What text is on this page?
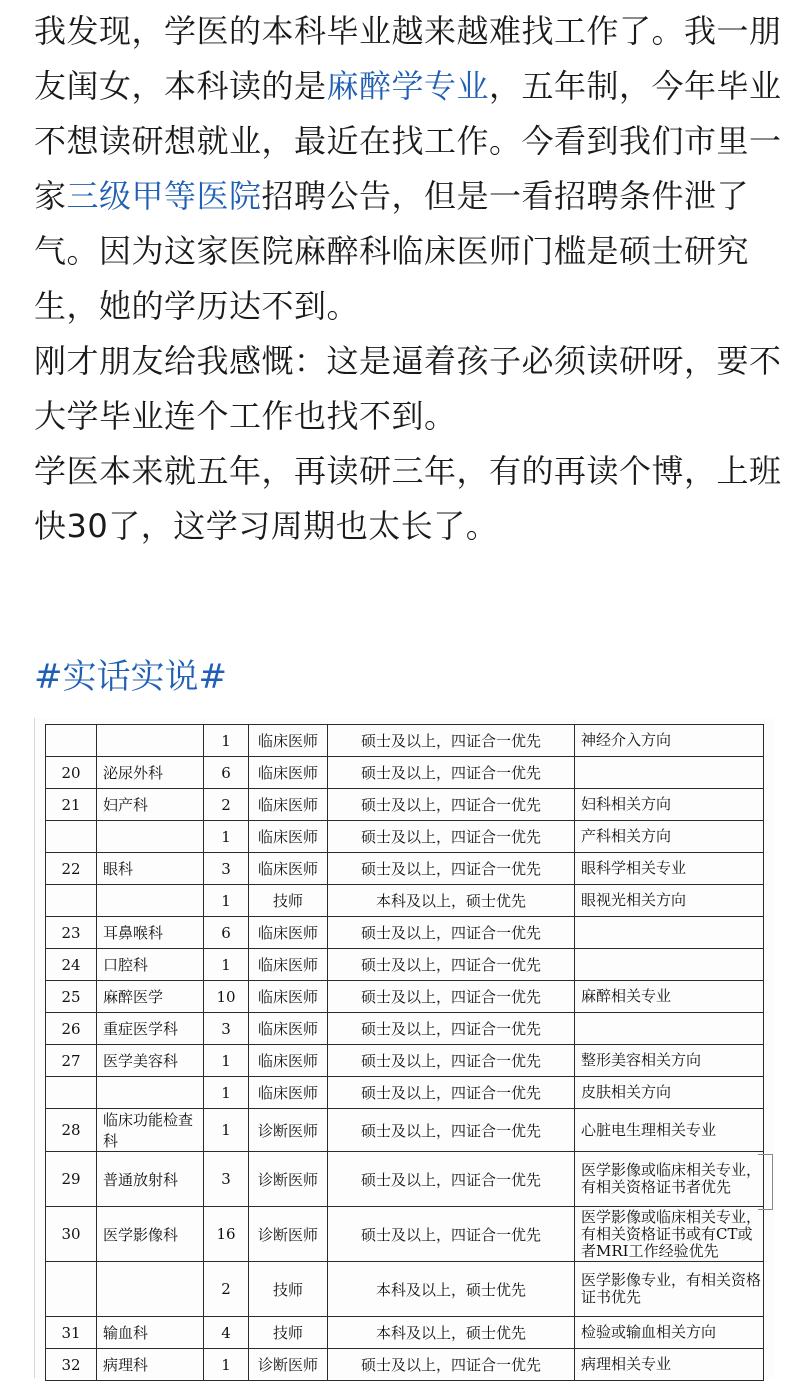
我发现，学医的本科毕业越来越难找工作了。我一朋友闺女，本科读的是麻醉学专业，五年制，今年毕业不想读研想就业，最近在找工作。今看到我们市里一家三级甲等医院招聘公告，但是一看招聘条件泄了气。因为这家医院麻醉科临床医师门槛是硕士研究生，她的学历达不到。

刚才朋友给我感慨：这是逼着孩子必须读研呀，要不大学毕业连个工作也找不到。

学医本来就五年，再读研三年，有的再读个博，上班快30了，这学习周期也太长了。

#实话实说#
		1	临床医师	硕士及以上，四证合一优先	神经介入方向
20	泌尿外科	6	临床医师	硕士及以上，四证合一优先	
21	妇产科	2	临床医师	硕士及以上，四证合一优先	妇科相关方向
		1	临床医师	硕士及以上，四证合一优先	产科相关方向
22	眼科	3	临床医师	硕士及以上，四证合一优先	眼科学相关专业
		1	技师	本科及以上，硕士优先	眼视光相关方向
23	耳鼻喉科	6	临床医师	硕士及以上，四证合一优先	
24	口腔科	1	临床医师	硕士及以上，四证合一优先	
25	麻醉医学	10	临床医师	硕士及以上，四证合一优先	麻醉相关专业
26	重症医学科	3	临床医师	硕士及以上，四证合一优先	
27	医学美容科	1	临床医师	硕士及以上，四证合一优先	整形美容相关方向
		1	临床医师	硕士及以上，四证合一优先	皮肤相关方向
28	临床功能检查科	1	诊断医师	硕士及以上，四证合一优先	心脏电生理相关专业
29	普通放射科	3	诊断医师	硕士及以上，四证合一优先	医学影像或临床相关专业，有相关资格证书者优先
30	医学影像科	16	诊断医师	硕士及以上，四证合一优先	医学影像或临床相关专业，有相关资格证书或有CT或者MRI工作经验优先
		2	技师	本科及以上，硕士优先	医学影像专业，有相关资格证书优先
31	输血科	4	技师	本科及以上，硕士优先	检验或输血相关方向
32	病理科	1	诊断医师	硕士及以上，四证合一优先	病理相关专业
